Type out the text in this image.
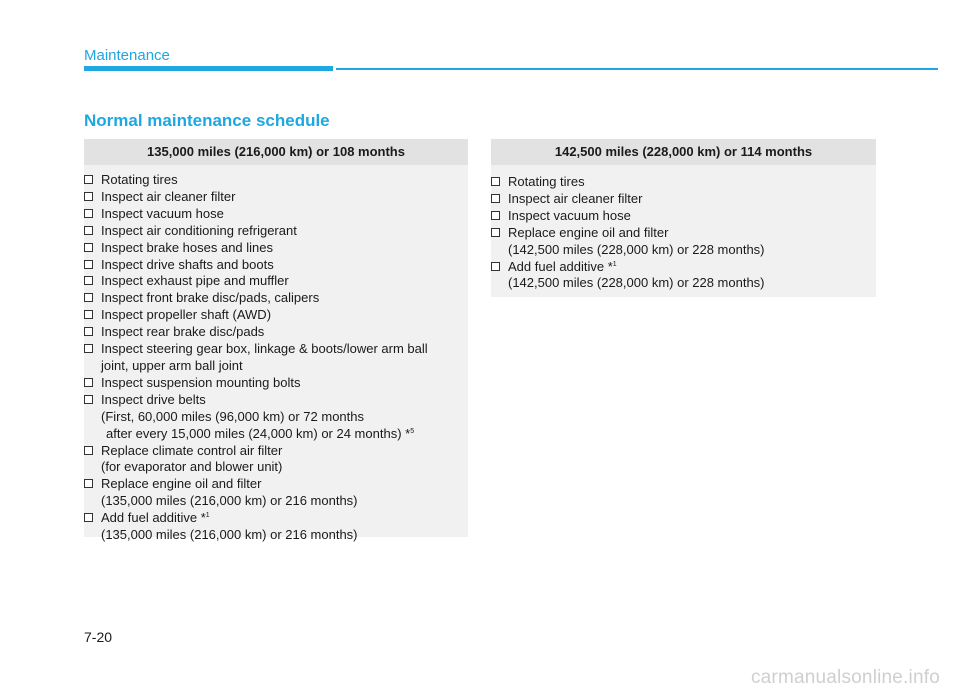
Maintenance
Normal maintenance schedule
135,000 miles (216,000 km) or 108 months
Rotating tires
Inspect air cleaner filter
Inspect vacuum hose
Inspect air conditioning refrigerant
Inspect brake hoses and lines
Inspect drive shafts and boots
Inspect exhaust pipe and muffler
Inspect front brake disc/pads, calipers
Inspect propeller shaft (AWD)
Inspect rear brake disc/pads
Inspect steering gear box, linkage & boots/lower arm ball
joint, upper arm ball joint
Inspect suspension mounting bolts
Inspect drive belts
(First, 60,000 miles (96,000 km) or 72 months
after every 15,000 miles (24,000 km) or 24 months) *$^5$
Replace climate control air filter
(for evaporator and blower unit)
Replace engine oil and filter
(135,000 miles (216,000 km) or 216 months)
Add fuel additive *$^1$
(135,000 miles (216,000 km) or 216 months)
142,500 miles (228,000 km) or 114 months
Rotating tires
Inspect air cleaner filter
Inspect vacuum hose
Replace engine oil and filter
(142,500 miles (228,000 km) or 228 months)
Add fuel additive *$^1$
(142,500 miles (228,000 km) or 228 months)
7-20
carmanualsonline.info
